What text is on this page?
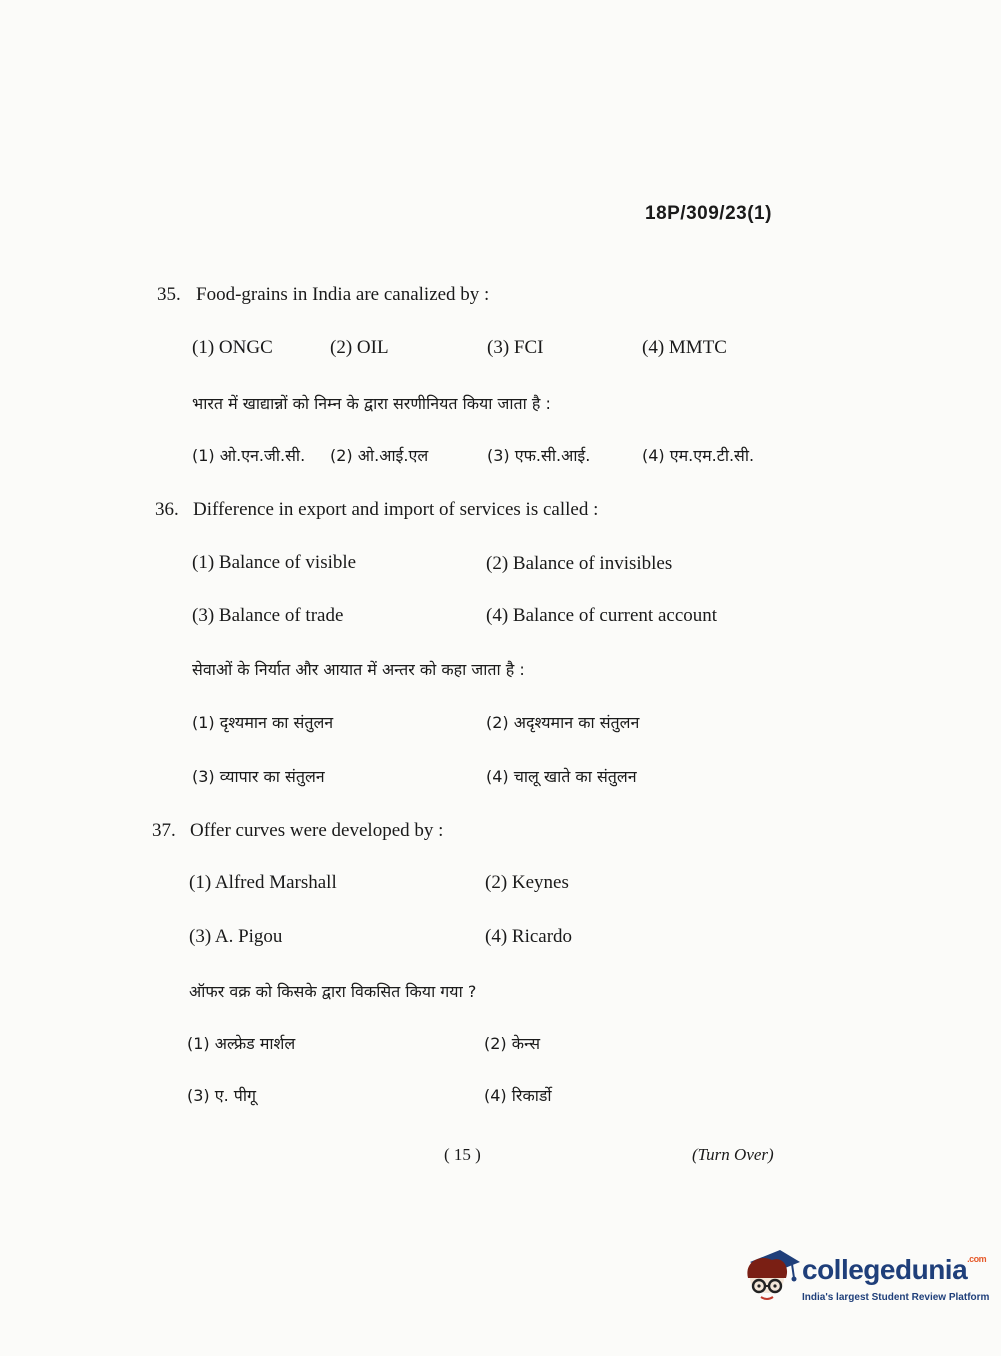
18P/309/23(1)
35. Food-grains in India are canalized by :
(1) ONGC	(2) OIL	(3) FCI	(4) MMTC
भारत में खाद्यान्नों को निम्न के द्वारा सरणीनियत किया जाता है :
(1) ओ.एन.जी.सी. (2) ओ.आई.एल	(3) एफ.सी.आई.	(4) एम.एम.टी.सी.
36. Difference in export and import of services is called :
(1) Balance of visible	(2) Balance of invisibles
(3) Balance of trade	(4) Balance of current account
सेवाओं के निर्यात और आयात में अन्तर को कहा जाता है :
(1) दृश्यमान का संतुलन	(2) अदृश्यमान का संतुलन
(3) व्यापार का संतुलन	(4) चालू खाते का संतुलन
37. Offer curves were developed by :
(1) Alfred Marshall	(2) Keynes
(3) A. Pigou	(4) Ricardo
ऑफर वक्र को किसके द्वारा विकसित किया गया ?
(1) अल्फ्रेड मार्शल	(2) केन्स
(3) ए. पीगू	(4) रिकार्डो
( 15 )	(Turn Over)
collegedunia$^{.com}$
India's largest Student Review Platform
